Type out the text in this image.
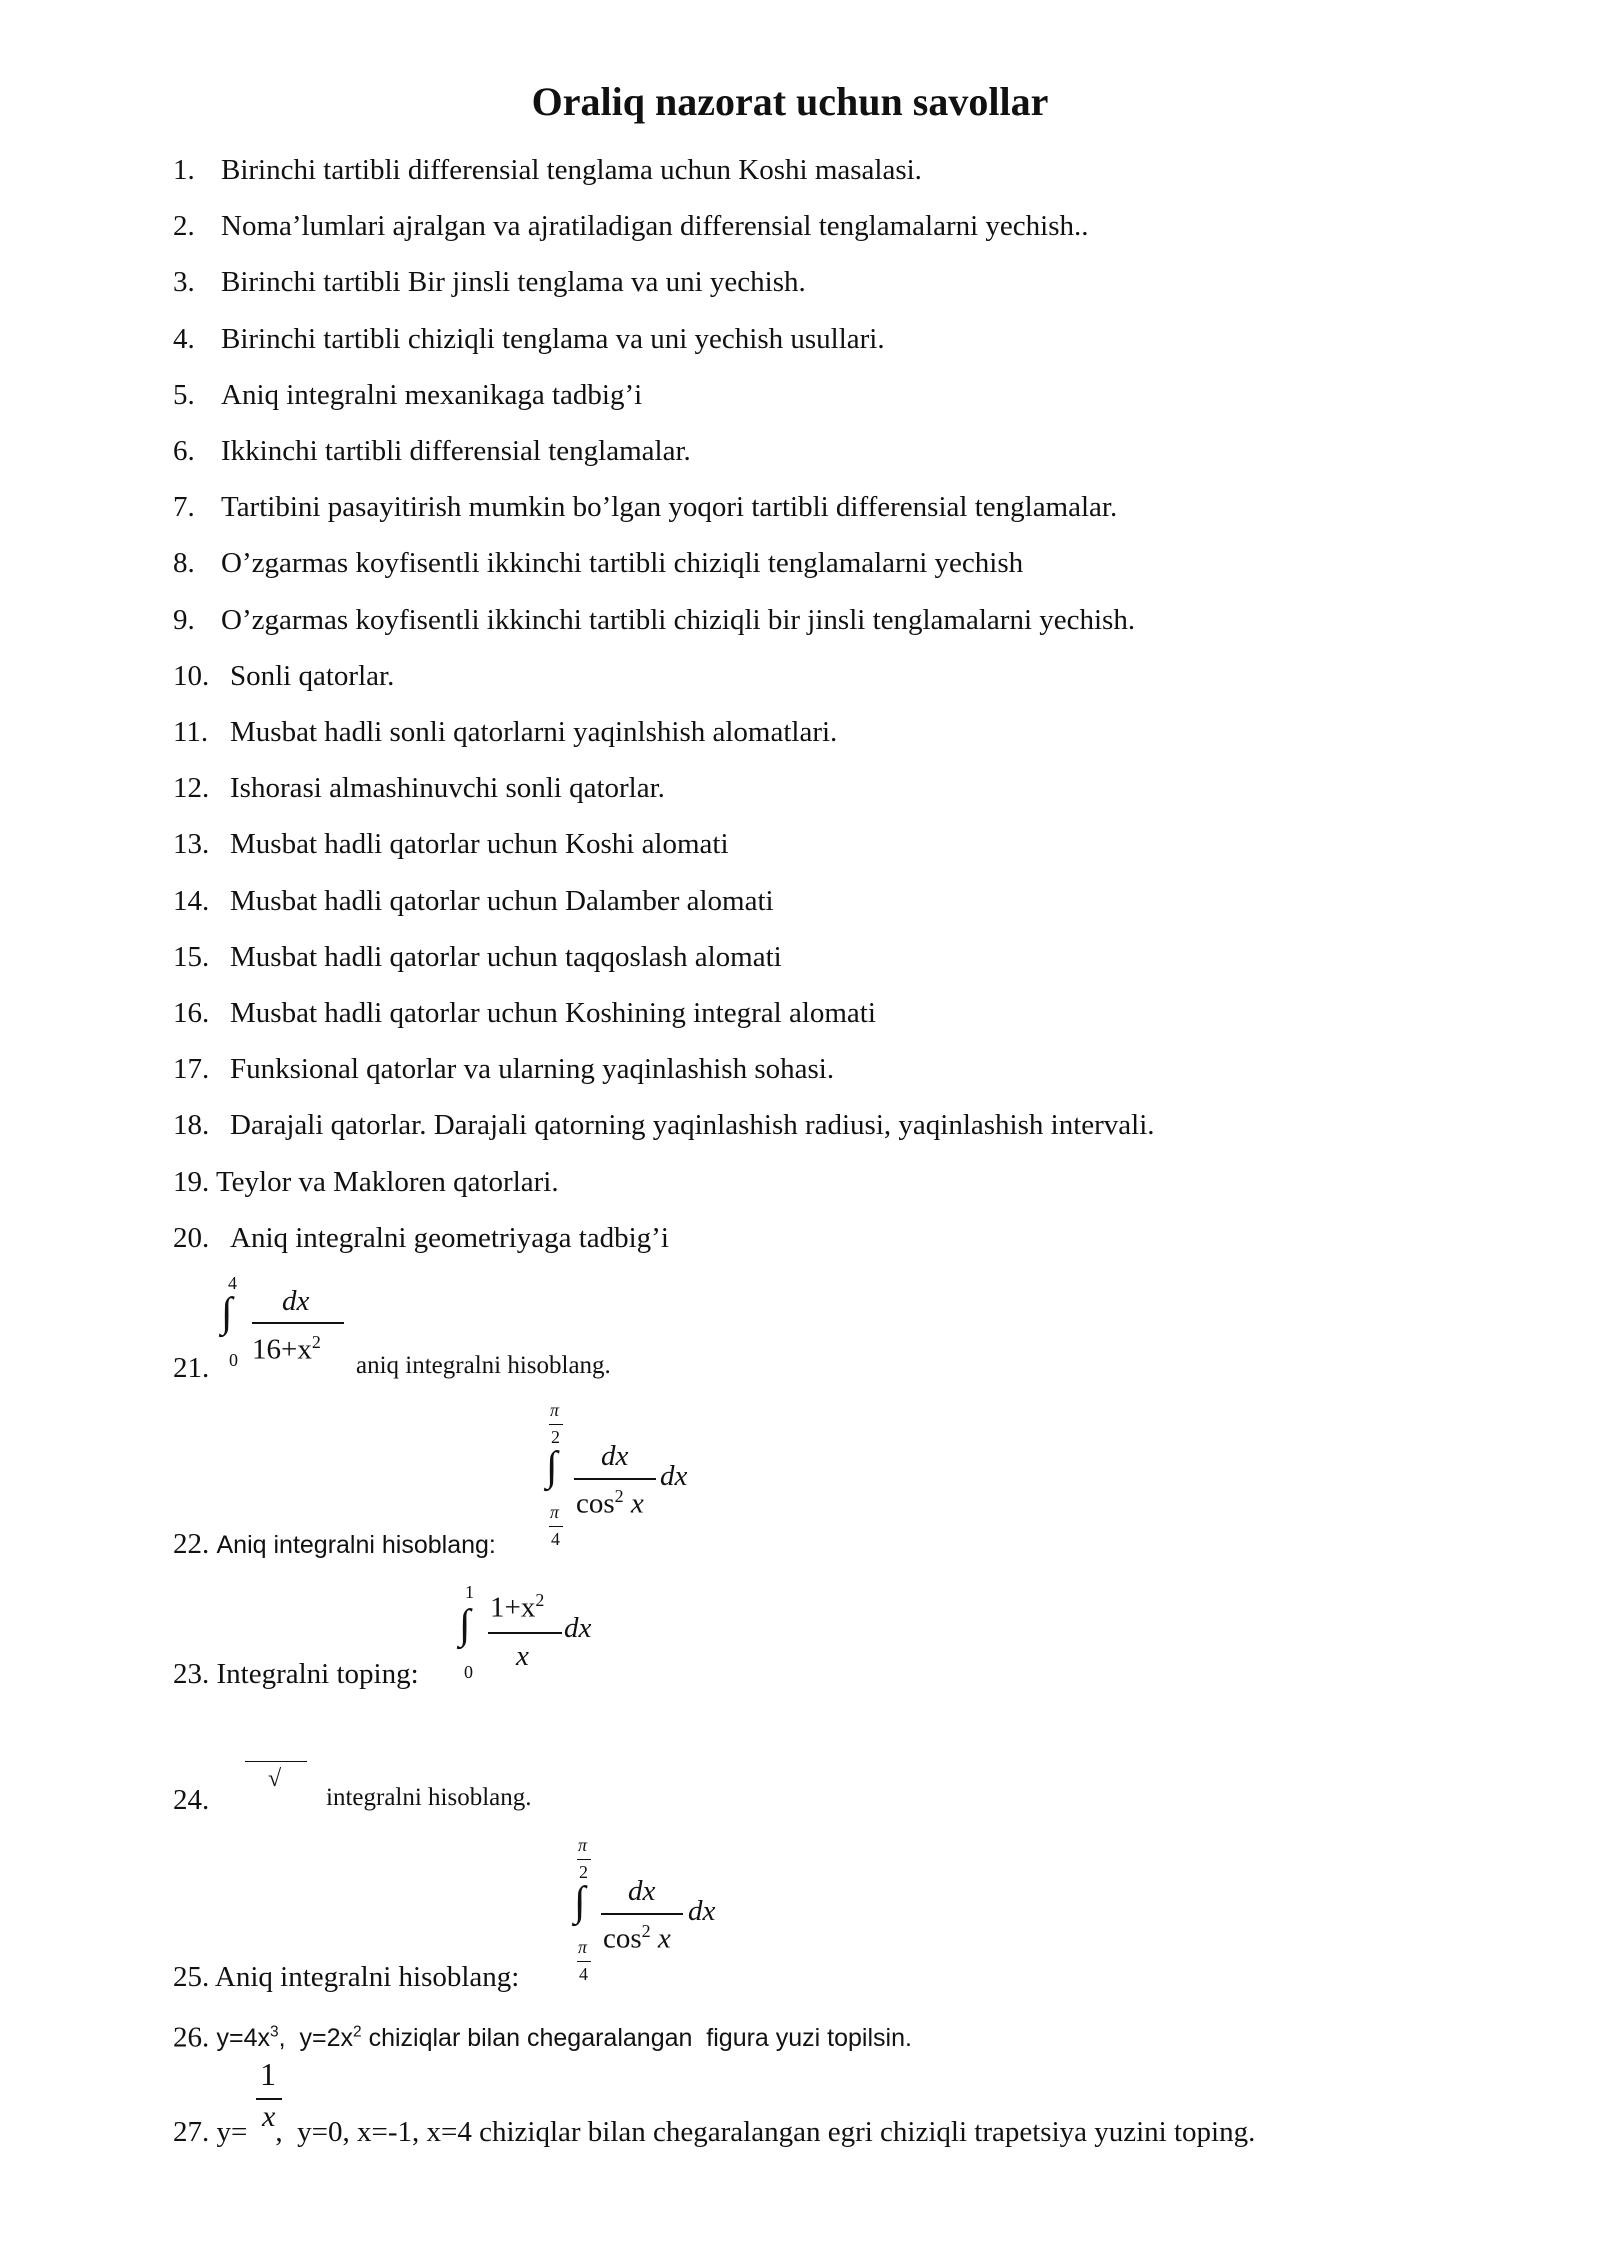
Oraliq nazorat uchun savollar
1. Birinchi tartibli differensial tenglama uchun Koshi masalasi.
2. Noma’lumlari ajralgan va ajratiladigan differensial tenglamalarni yechish..
3. Birinchi tartibli Bir jinsli tenglama va uni yechish.
4. Birinchi tartibli chiziqli tenglama va uni yechish usullari.
5. Aniq integralni mexanikaga tadbig’i
6. Ikkinchi tartibli differensial tenglamalar.
7. Tartibini pasayitirish mumkin bo’lgan yoqori tartibli differensial tenglamalar.
8. O’zgarmas koyfisentli ikkinchi tartibli chiziqli tenglamalarni yechish
9. O’zgarmas koyfisentli ikkinchi tartibli chiziqli bir jinsli tenglamalarni yechish.
10. Sonli qatorlar.
11. Musbat hadli sonli qatorlarni yaqinlshish alomatlari.
12. Ishorasi almashinuvchi sonli qatorlar.
13. Musbat hadli qatorlar uchun Koshi alomati
14. Musbat hadli qatorlar uchun Dalamber alomati
15. Musbat hadli qatorlar uchun taqqoslash alomati
16. Musbat hadli qatorlar uchun Koshining integral alomati
17. Funksional qatorlar va ularning yaqinlashish sohasi.
18. Darajali qatorlar. Darajali qatorning yaqinlashish radiusi, yaqinlashish intervali.
19. Teylor va Makloren qatorlari.
20. Aniq integralni geometriyaga tadbig’i
21.
4
∫
0
dx
$16+x^2$
aniq integralni hisoblang.
π
2
∫
π
4
dx
$\cos^2 x$
dx
22. Aniq integralni hisoblang:
1
∫
0
$1+x^2$
x
dx
23. Integralni toping:
24.
√
integralni hisoblang.
π
2
∫
π
4
dx
$\cos^2 x$
dx
25. Aniq integralni hisoblang:
26. $y=4x^3$,  $y=2x^2$ chiziqlar bilan chegaralangan  figura yuzi topilsin.
1
x
27. y= ,  y=0, x=-1, x=4 chiziqlar bilan chegaralangan egri chiziqli trapetsiya yuzini toping.
